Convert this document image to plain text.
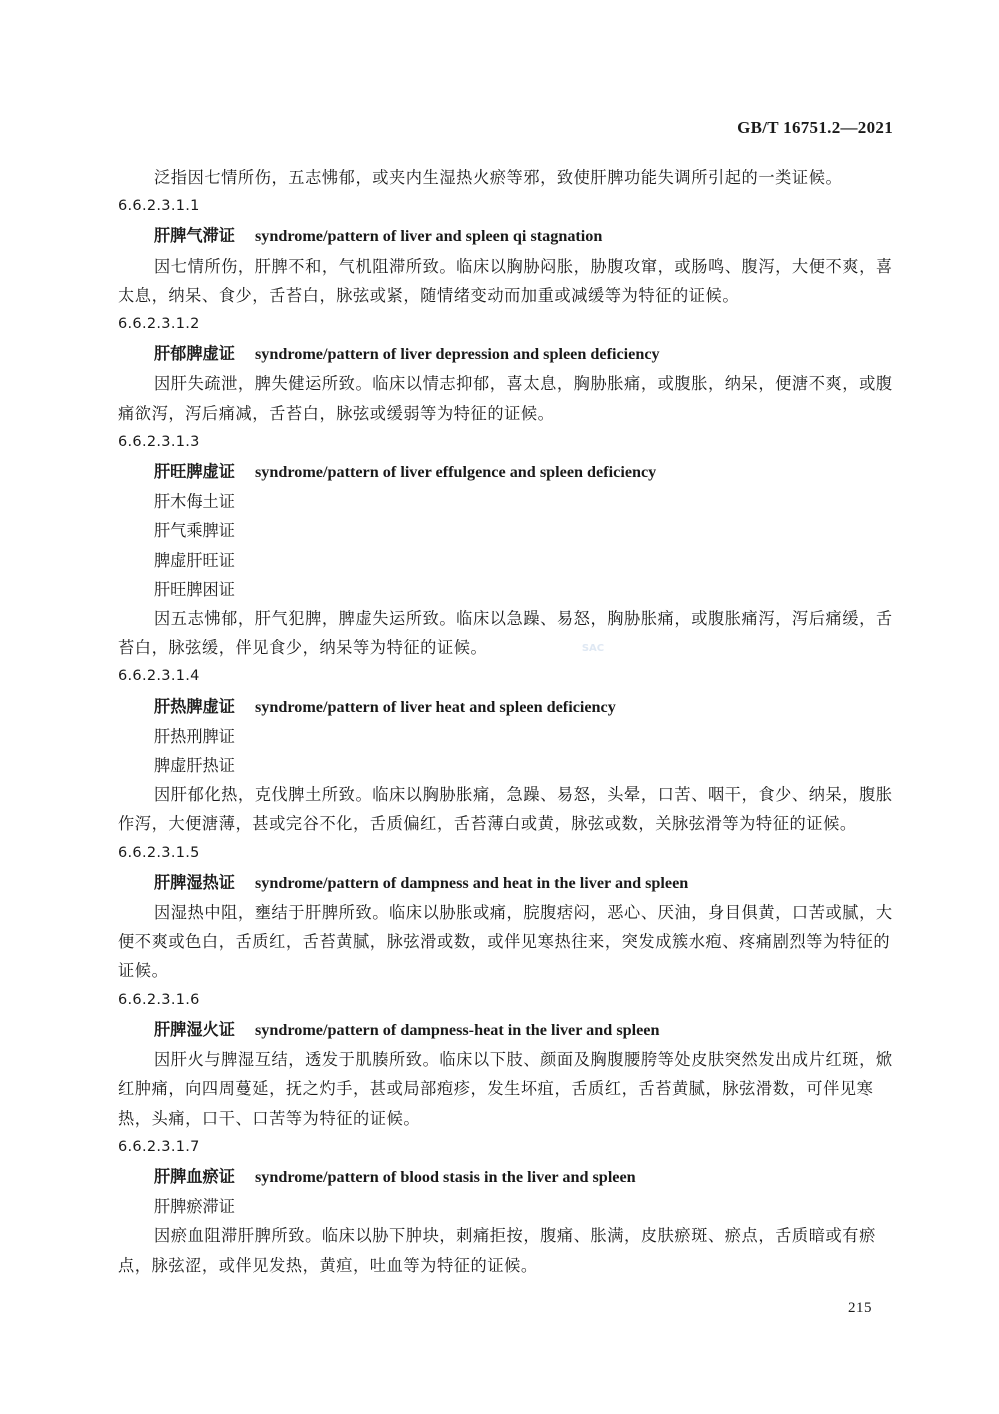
GB/T 16751.2—2021
泛指因七情所伤，五志怫郁，或夹内生湿热火瘀等邪，致使肝脾功能失调所引起的一类证候。
6.6.2.3.1.1
肝脾气滞证 syndrome/pattern of liver and spleen qi stagnation
因七情所伤，肝脾不和，气机阻滞所致。临床以胸胁闷胀，胁腹攻窜，或肠鸣、腹泻，大便不爽，喜太息，纳呆、食少，舌苔白，脉弦或紧，随情绪变动而加重或减缓等为特征的证候。
6.6.2.3.1.2
肝郁脾虚证 syndrome/pattern of liver depression and spleen deficiency
因肝失疏泄，脾失健运所致。临床以情志抑郁，喜太息，胸胁胀痛，或腹胀，纳呆，便溏不爽，或腹痛欲泻，泻后痛减，舌苔白，脉弦或缓弱等为特征的证候。
6.6.2.3.1.3
肝旺脾虚证 syndrome/pattern of liver effulgence and spleen deficiency
肝木侮土证
肝气乘脾证
脾虚肝旺证
肝旺脾困证
因五志怫郁，肝气犯脾，脾虚失运所致。临床以急躁、易怒，胸胁胀痛，或腹胀痛泻，泻后痛缓，舌苔白，脉弦缓，伴见食少，纳呆等为特征的证候。
6.6.2.3.1.4
肝热脾虚证 syndrome/pattern of liver heat and spleen deficiency
肝热刑脾证
脾虚肝热证
因肝郁化热，克伐脾土所致。临床以胸胁胀痛，急躁、易怒，头晕，口苦、咽干，食少、纳呆，腹胀作泻，大便溏薄，甚或完谷不化，舌质偏红，舌苔薄白或黄，脉弦或数，关脉弦滑等为特征的证候。
6.6.2.3.1.5
肝脾湿热证 syndrome/pattern of dampness and heat in the liver and spleen
因湿热中阻，壅结于肝脾所致。临床以胁胀或痛，脘腹痞闷，恶心、厌油，身目俱黄，口苦或腻，大便不爽或色白，舌质红，舌苔黄腻，脉弦滑或数，或伴见寒热往来，突发成簇水疱、疼痛剧烈等为特征的证候。
6.6.2.3.1.6
肝脾湿火证 syndrome/pattern of dampness-heat in the liver and spleen
因肝火与脾湿互结，透发于肌腠所致。临床以下肢、颜面及胸腹腰胯等处皮肤突然发出成片红斑，焮红肿痛，向四周蔓延，抚之灼手，甚或局部疱疹，发生坏疽，舌质红，舌苔黄腻，脉弦滑数，可伴见寒热，头痛，口干、口苦等为特征的证候。
6.6.2.3.1.7
肝脾血瘀证 syndrome/pattern of blood stasis in the liver and spleen
肝脾瘀滞证
因瘀血阻滞肝脾所致。临床以胁下肿块，刺痛拒按，腹痛、胀满，皮肤瘀斑、瘀点，舌质暗或有瘀点，脉弦涩，或伴见发热，黄疸，吐血等为特征的证候。
SAC
215
